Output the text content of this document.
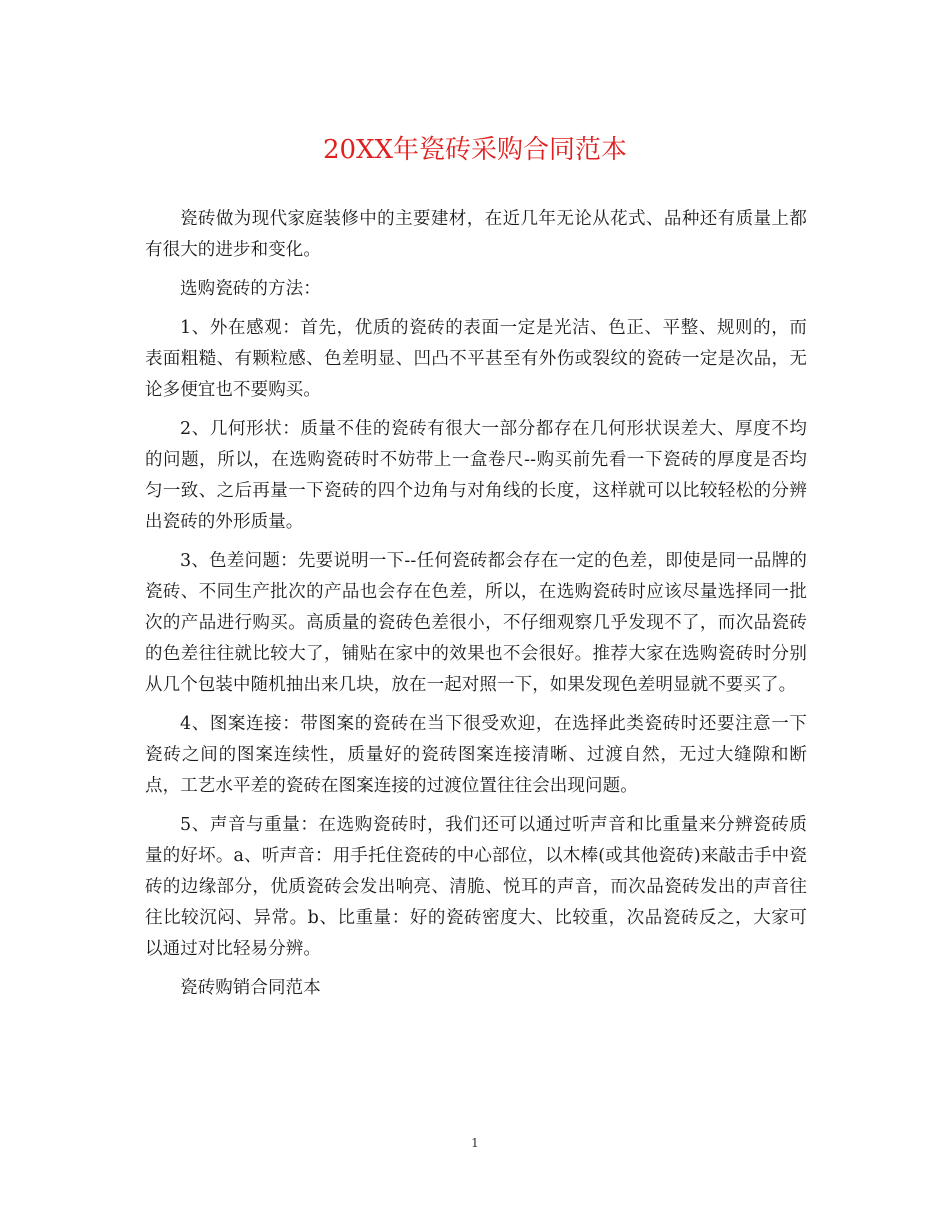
20XX年瓷砖采购合同范本

瓷砖做为现代家庭装修中的主要建材，在近几年无论从花式、品种还有质量上都有很大的进步和变化。

选购瓷砖的方法：

1、外在感观：首先，优质的瓷砖的表面一定是光洁、色正、平整、规则的，而表面粗糙、有颗粒感、色差明显、凹凸不平甚至有外伤或裂纹的瓷砖一定是次品，无论多便宜也不要购买。

2、几何形状：质量不佳的瓷砖有很大一部分都存在几何形状误差大、厚度不均的问题，所以，在选购瓷砖时不妨带上一盒卷尺--购买前先看一下瓷砖的厚度是否均匀一致、之后再量一下瓷砖的四个边角与对角线的长度，这样就可以比较轻松的分辨出瓷砖的外形质量。

3、色差问题：先要说明一下--任何瓷砖都会存在一定的色差，即使是同一品牌的瓷砖、不同生产批次的产品也会存在色差，所以，在选购瓷砖时应该尽量选择同一批次的产品进行购买。高质量的瓷砖色差很小，不仔细观察几乎发现不了，而次品瓷砖的色差往往就比较大了，铺贴在家中的效果也不会很好。推荐大家在选购瓷砖时分别从几个包装中随机抽出来几块，放在一起对照一下，如果发现色差明显就不要买了。

4、图案连接：带图案的瓷砖在当下很受欢迎，在选择此类瓷砖时还要注意一下瓷砖之间的图案连续性，质量好的瓷砖图案连接清晰、过渡自然，无过大缝隙和断点，工艺水平差的瓷砖在图案连接的过渡位置往往会出现问题。

5、声音与重量：在选购瓷砖时，我们还可以通过听声音和比重量来分辨瓷砖质量的好坏。a、听声音：用手托住瓷砖的中心部位，以木棒(或其他瓷砖)来敲击手中瓷砖的边缘部分，优质瓷砖会发出响亮、清脆、悦耳的声音，而次品瓷砖发出的声音往往比较沉闷、异常。b、比重量：好的瓷砖密度大、比较重，次品瓷砖反之，大家可以通过对比轻易分辨。

瓷砖购销合同范本

1
